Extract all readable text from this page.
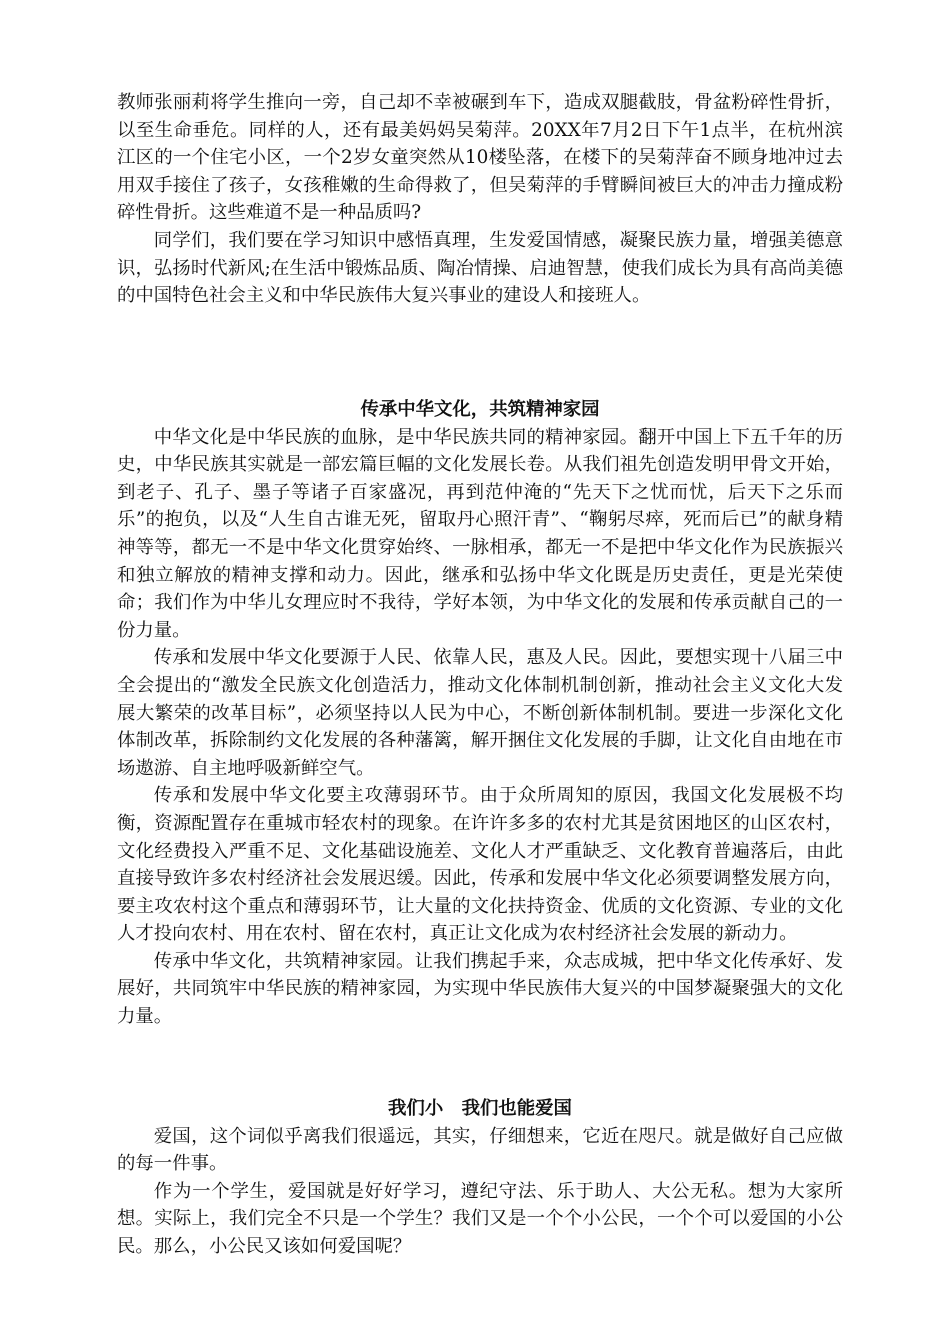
教师张丽莉将学生推向一旁，自己却不幸被碾到车下，造成双腿截肢，骨盆粉碎性骨折，以至生命垂危。同样的人，还有最美妈妈吴菊萍。20XX年7月2日下午1点半，在杭州滨江区的一个住宅小区，一个2岁女童突然从10楼坠落，在楼下的吴菊萍奋不顾身地冲过去用双手接住了孩子，女孩稚嫩的生命得救了，但吴菊萍的手臂瞬间被巨大的冲击力撞成粉碎性骨折。这些难道不是一种品质吗?

同学们，我们要在学习知识中感悟真理，生发爱国情感，凝聚民族力量，增强美德意识，弘扬时代新风;在生活中锻炼品质、陶冶情操、启迪智慧，使我们成长为具有高尚美德的中国特色社会主义和中华民族伟大复兴事业的建设人和接班人。

传承中华文化，共筑精神家园

中华文化是中华民族的血脉，是中华民族共同的精神家园。翻开中国上下五千年的历史，中华民族其实就是一部宏篇巨幅的文化发展长卷。从我们祖先创造发明甲骨文开始，到老子、孔子、墨子等诸子百家盛况，再到范仲淹的“先天下之忧而忧，后天下之乐而乐”的抱负，以及“人生自古谁无死，留取丹心照汗青”、“鞠躬尽瘁，死而后已”的献身精神等等，都无一不是中华文化贯穿始终、一脉相承，都无一不是把中华文化作为民族振兴和独立解放的精神支撑和动力。因此，继承和弘扬中华文化既是历史责任，更是光荣使命；我们作为中华儿女理应时不我待，学好本领，为中华文化的发展和传承贡献自己的一份力量。

传承和发展中华文化要源于人民、依靠人民，惠及人民。因此，要想实现十八届三中全会提出的“激发全民族文化创造活力，推动文化体制机制创新，推动社会主义文化大发展大繁荣的改革目标”，必须坚持以人民为中心，不断创新体制机制。要进一步深化文化体制改革，拆除制约文化发展的各种藩篱，解开捆住文化发展的手脚，让文化自由地在市场遨游、自主地呼吸新鲜空气。

传承和发展中华文化要主攻薄弱环节。由于众所周知的原因，我国文化发展极不均衡，资源配置存在重城市轻农村的现象。在许许多多的农村尤其是贫困地区的山区农村，文化经费投入严重不足、文化基础设施差、文化人才严重缺乏、文化教育普遍落后，由此直接导致许多农村经济社会发展迟缓。因此，传承和发展中华文化必须要调整发展方向，要主攻农村这个重点和薄弱环节，让大量的文化扶持资金、优质的文化资源、专业的文化人才投向农村、用在农村、留在农村，真正让文化成为农村经济社会发展的新动力。

传承中华文化，共筑精神家园。让我们携起手来，众志成城，把中华文化传承好、发展好，共同筑牢中华民族的精神家园，为实现中华民族伟大复兴的中国梦凝聚强大的文化力量。

我们小　我们也能爱国

爱国，这个词似乎离我们很遥远，其实，仔细想来，它近在咫尺。就是做好自己应做的每一件事。

作为一个学生，爱国就是好好学习，遵纪守法、乐于助人、大公无私。想为大家所想。实际上，我们完全不只是一个学生？我们又是一个个小公民，一个个可以爱国的小公民。那么，小公民又该如何爱国呢？
